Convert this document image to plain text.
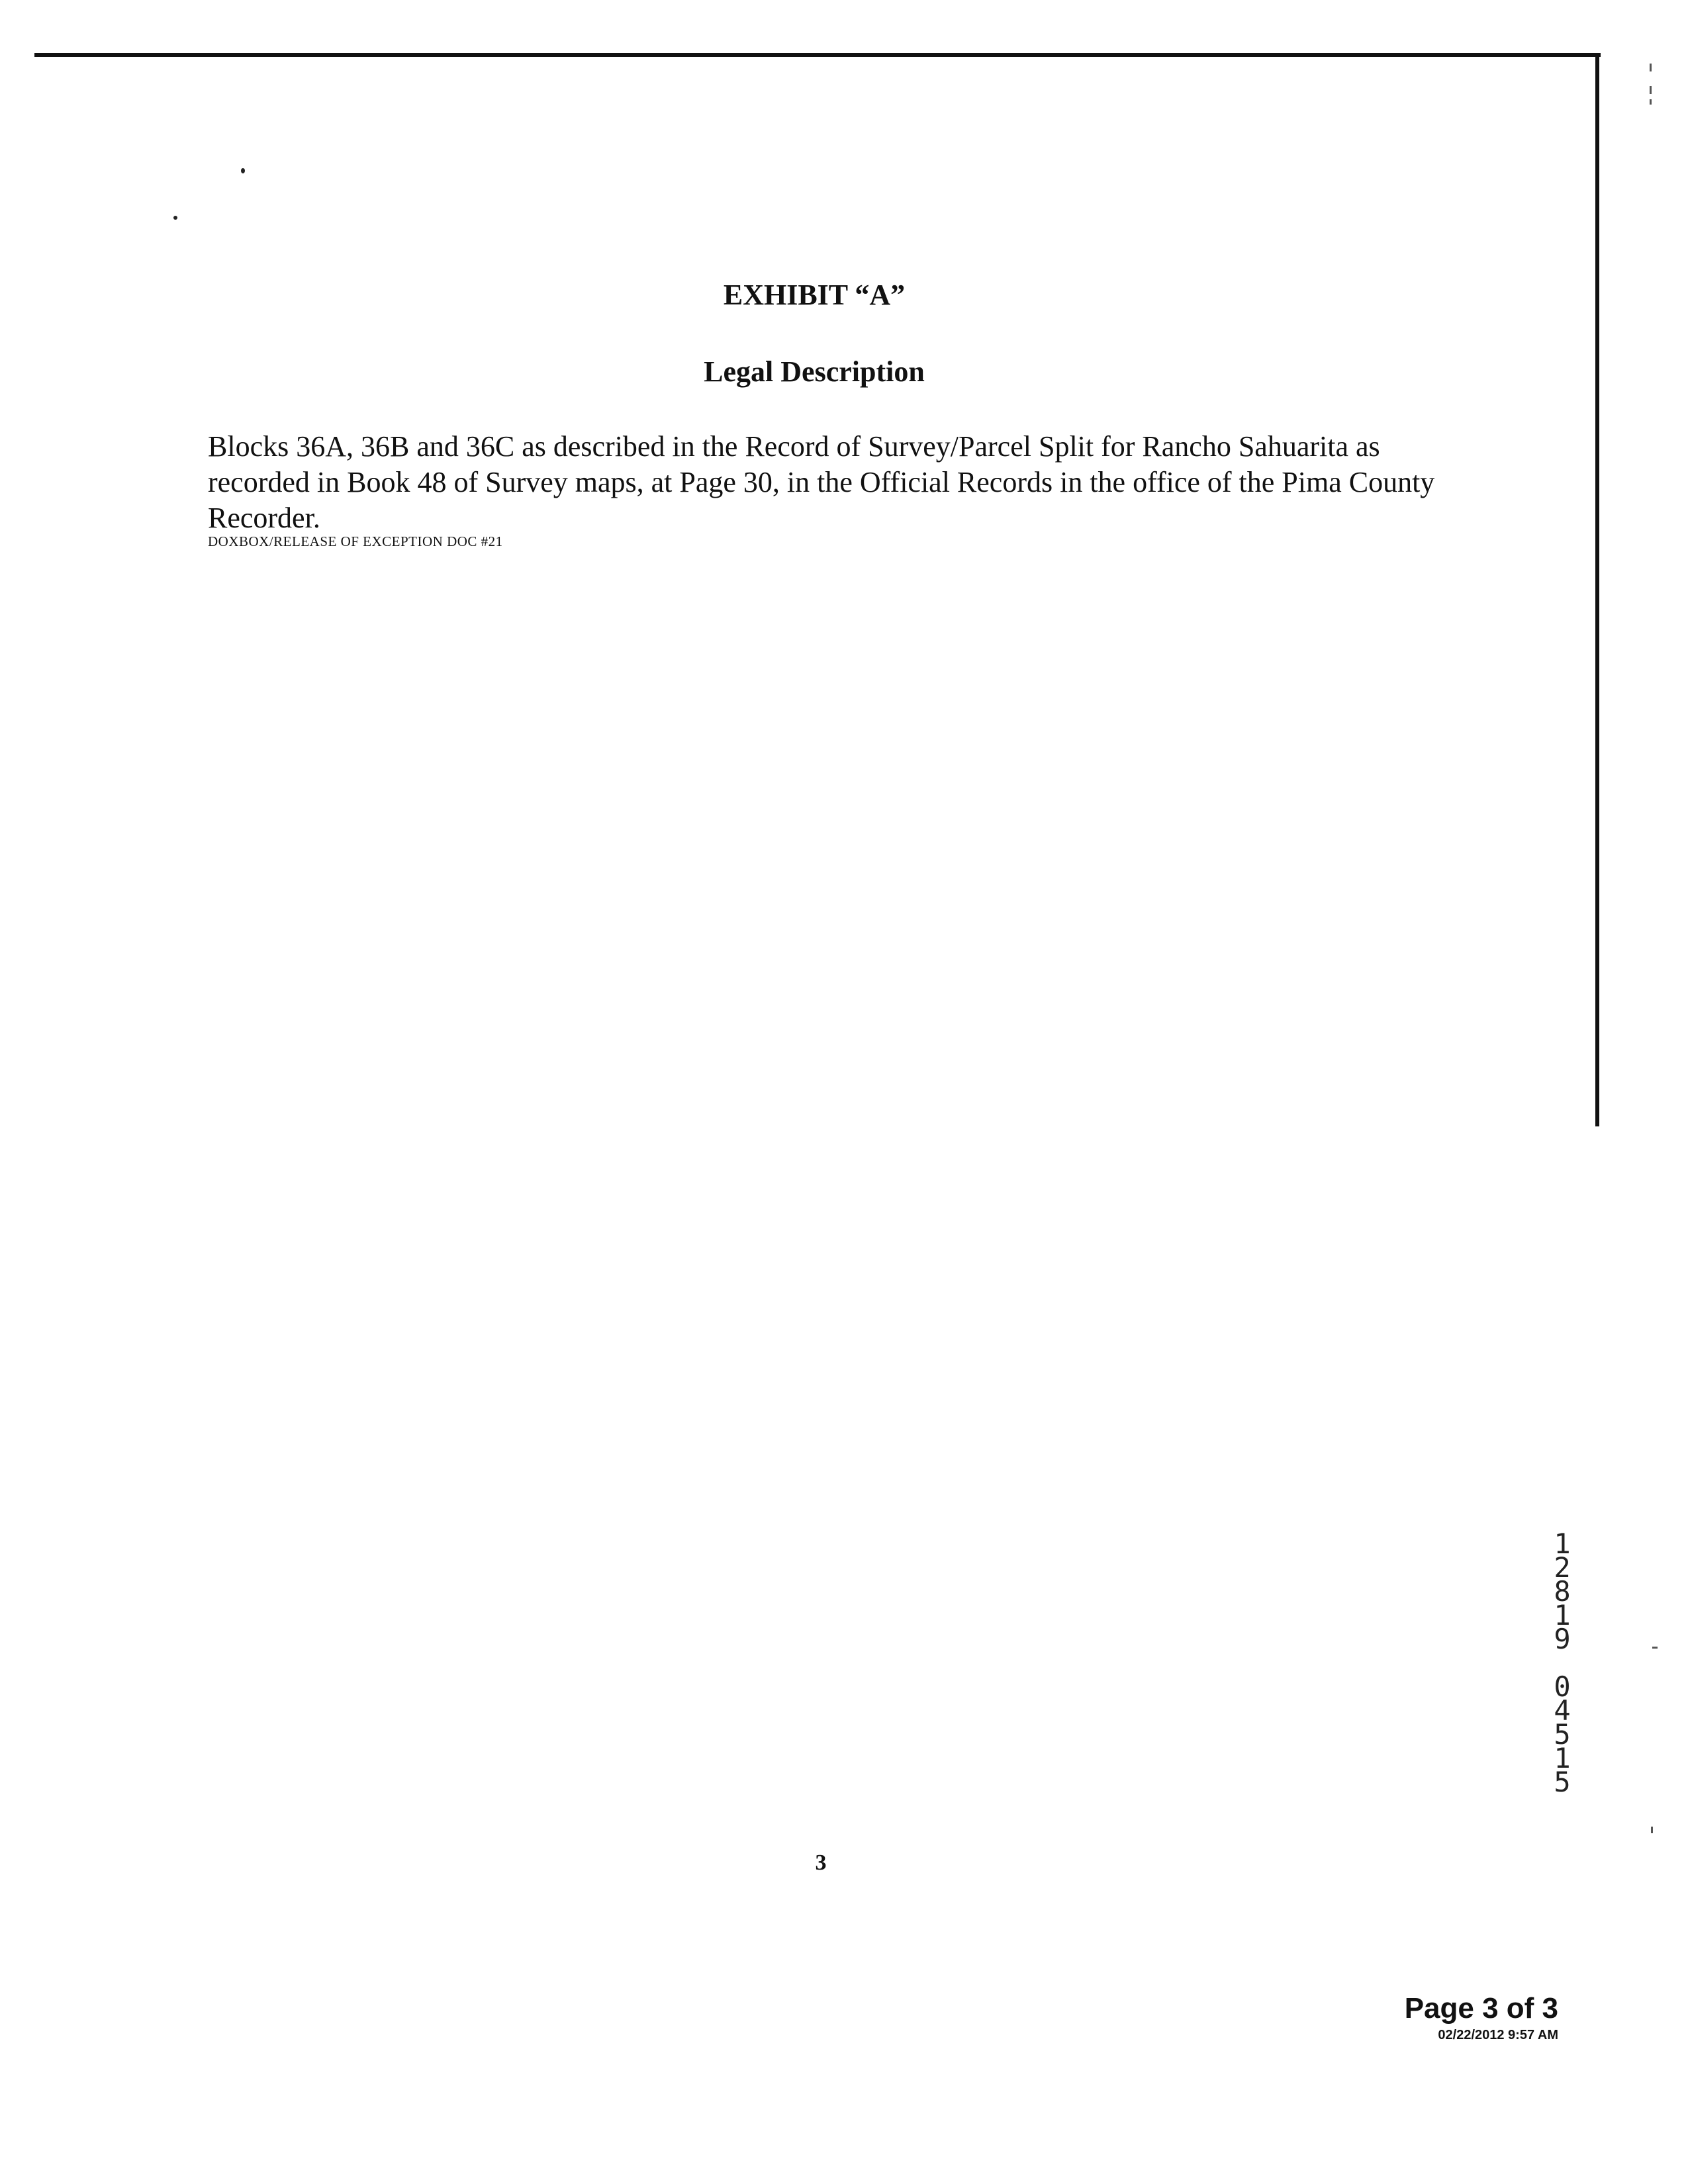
EXHIBIT “A”
Legal Description

Blocks 36A, 36B and 36C as described in the Record of Survey/Parcel Split for Rancho Sahuarita as recorded in Book 48 of Survey maps, at Page 30, in the Official Records in the office of the Pima County Recorder.

DOXBOX/RELEASE OF EXCEPTION DOC #21
1
2
8
1
9
0
4
5
1
5
3
Page 3 of 3
02/22/2012 9:57 AM
